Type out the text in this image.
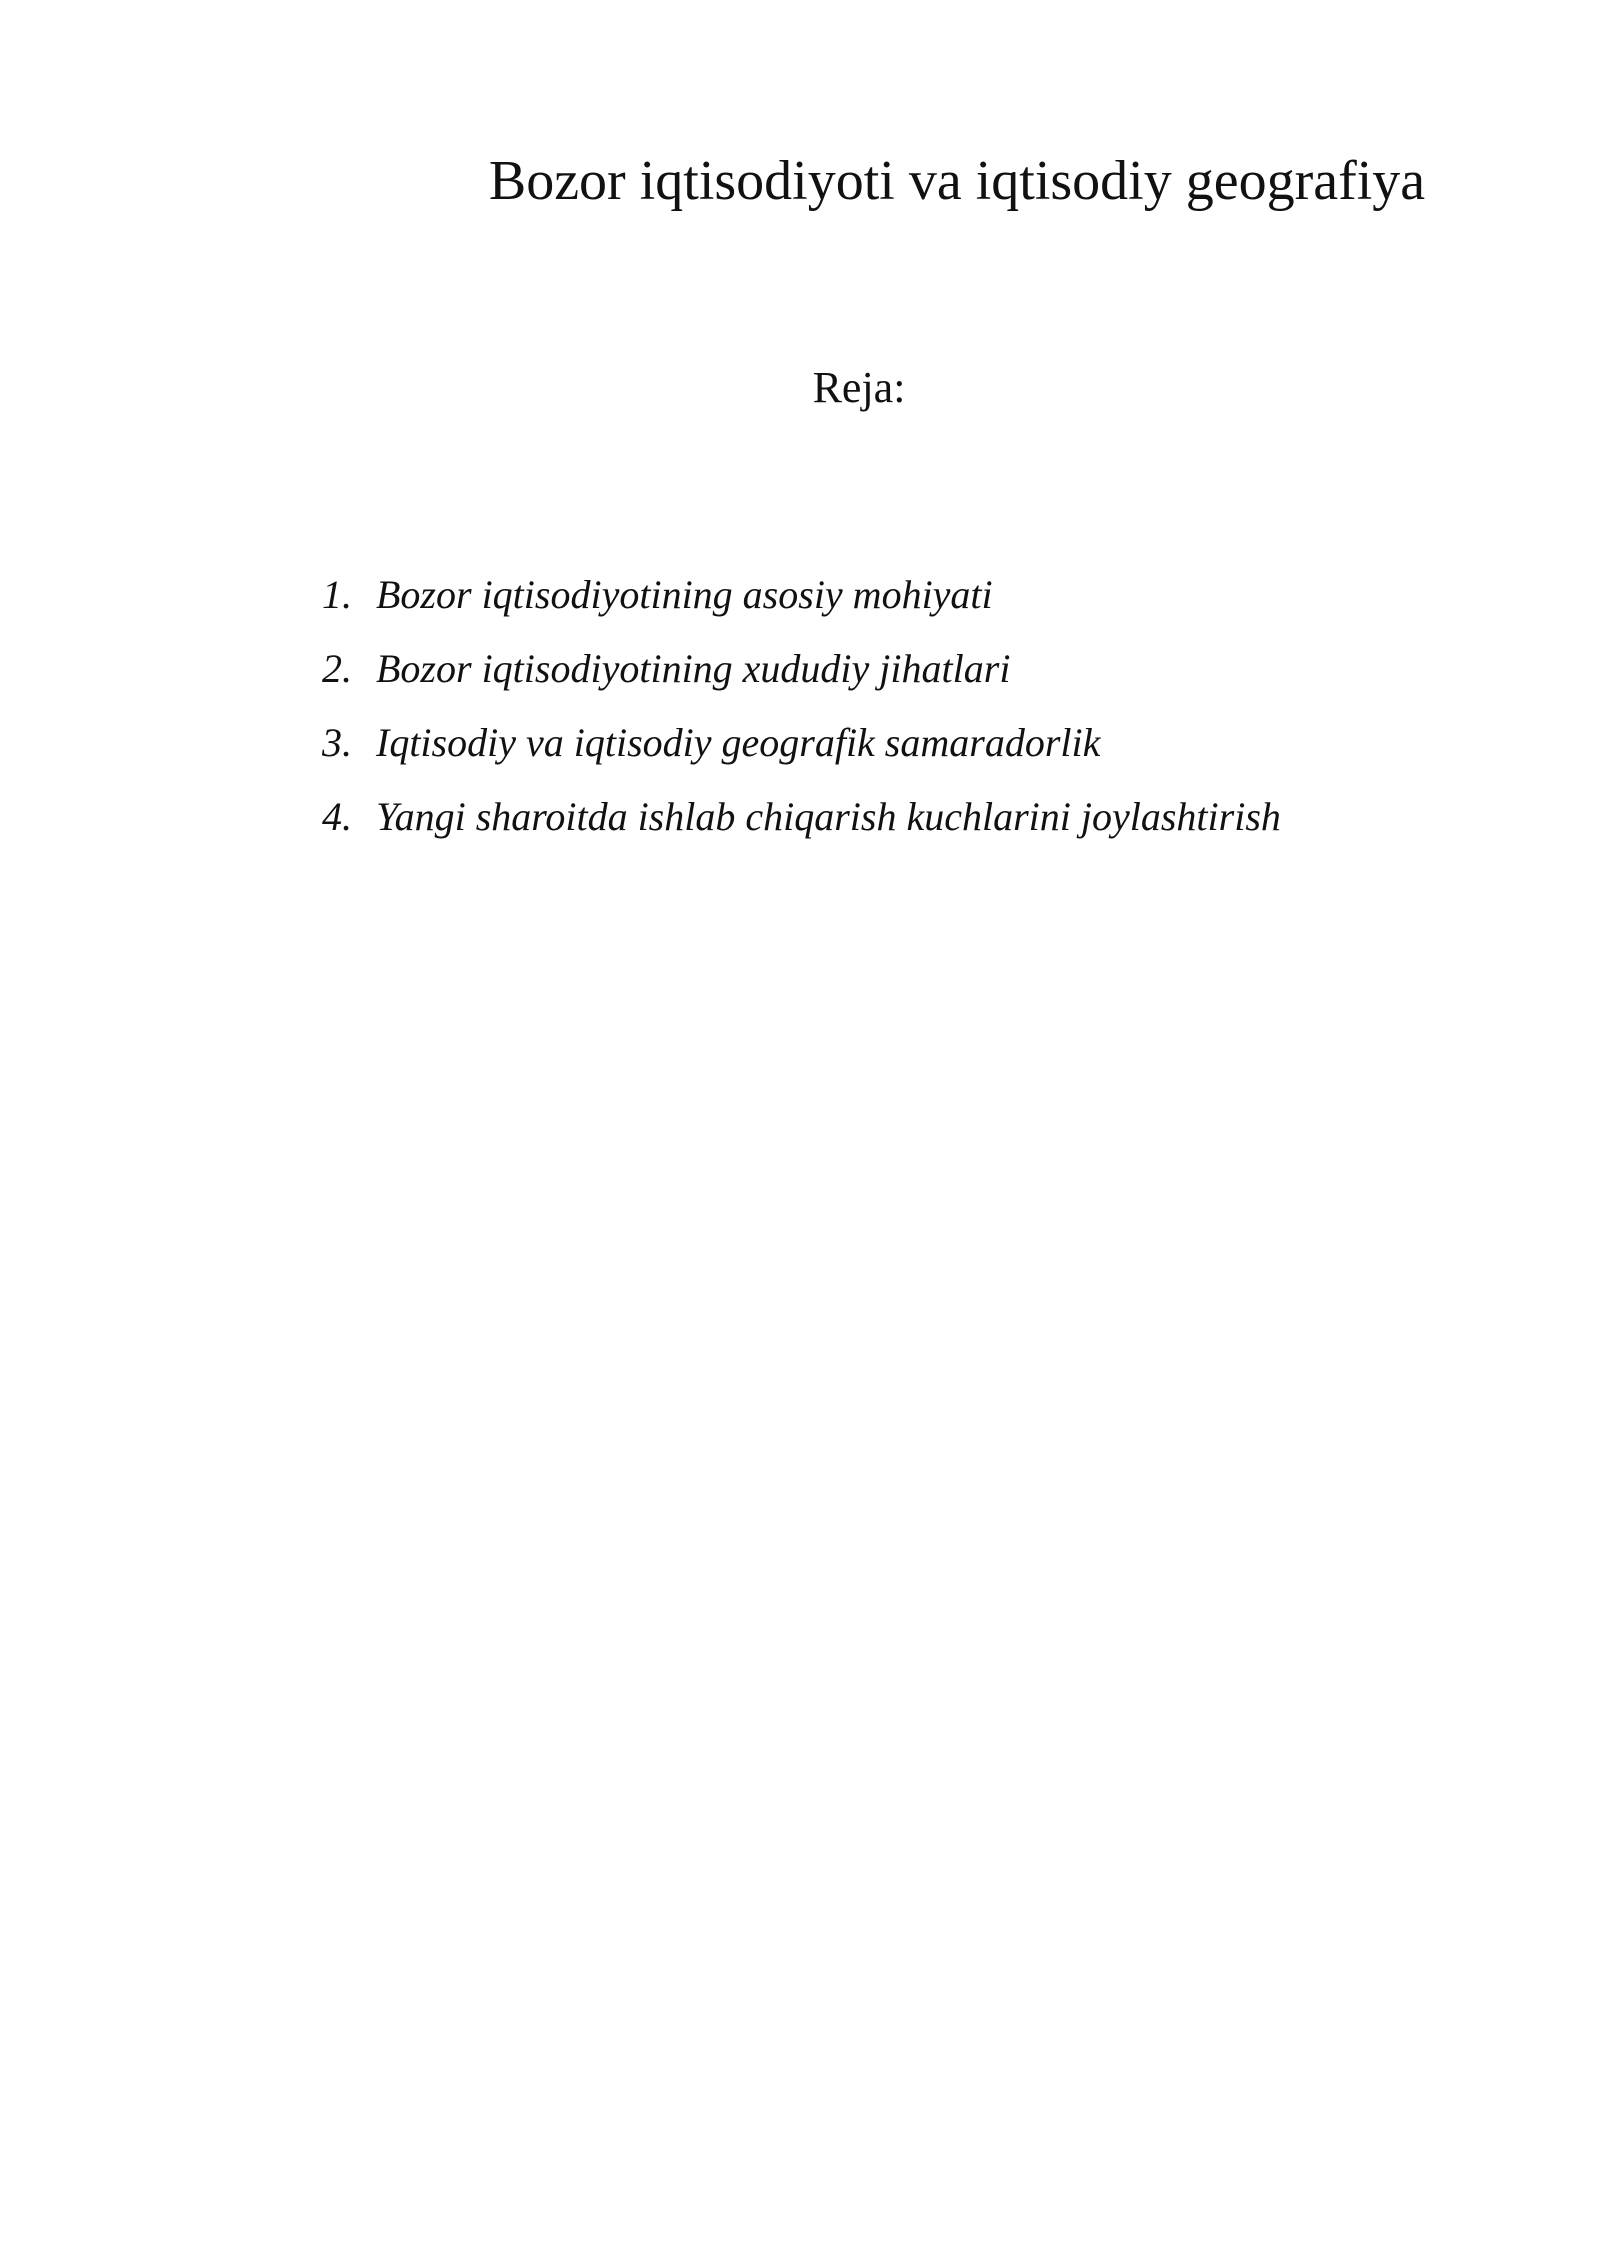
Bozor iqtisodiyoti va iqtisodiy geografiya
Reja:
1. Bozor iqtisodiyotining asosiy mohiyati
2. Bozor iqtisodiyotining xududiy jihatlari
3. Iqtisodiy va iqtisodiy geografik samaradorlik
4. Yangi sharoitda ishlab chiqarish kuchlarini joylashtirish
